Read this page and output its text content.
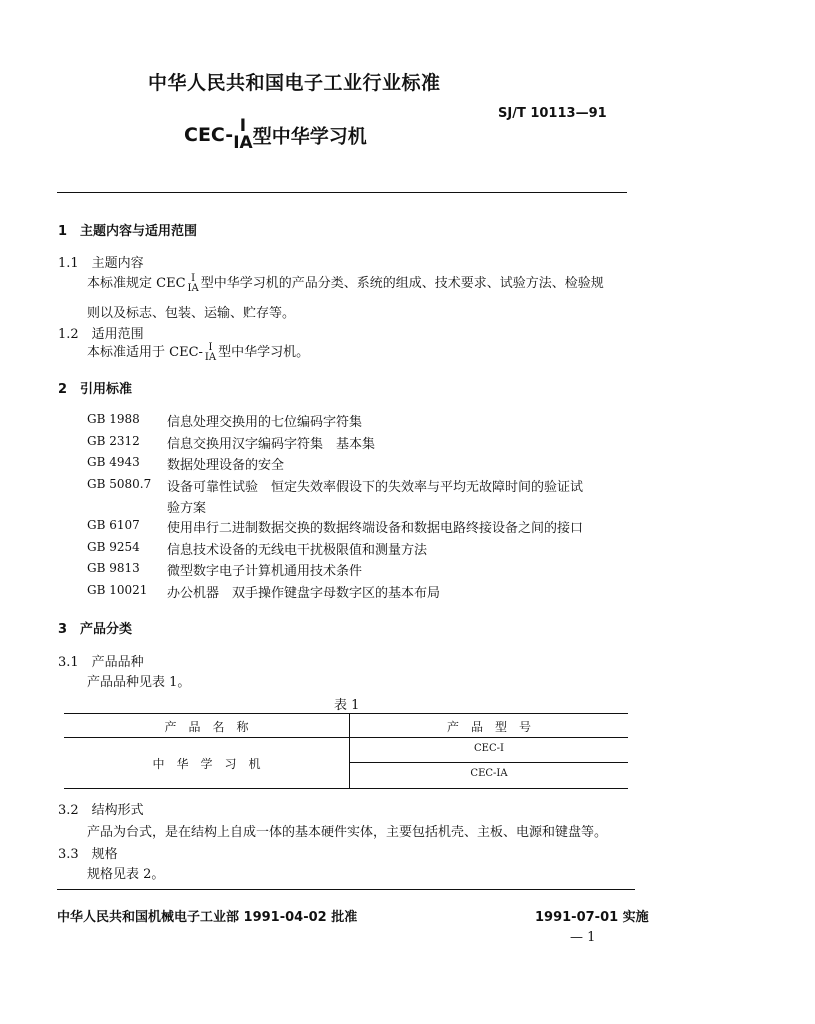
中华人民共和国电子工业行业标准
SJ/T 10113—91
CEC- I
IA 型中华学习机
1　主题内容与适用范围
1.1　主题内容
本标准规定 CEC I
IA 型中华学习机的产品分类、系统的组成、技术要求、试验方法、检验规
则以及标志、包装、运输、贮存等。
1.2　适用范围
本标准适用于 CEC- I
IA 型中华学习机。
2　引用标准
GB 1988 信息处理交换用的七位编码字符集
GB 2312 信息交换用汉字编码字符集　基本集
GB 4943 数据处理设备的安全
GB 5080.7 设备可靠性试验　恒定失效率假设下的失效率与平均无故障时间的验证试
验方案
GB 6107 使用串行二进制数据交换的数据终端设备和数据电路终接设备之间的接口
GB 9254 信息技术设备的无线电干扰极限值和测量方法
GB 9813 微型数字电子计算机通用技术条件
GB 10021 办公机器　双手操作键盘字母数字区的基本布局
3　产品分类
3.1　产品品种
产品品种见表 1。
表 1
产　品　名　称	产　品　型　号
中　华　学　习　机
CEC-I
CEC-IA
3.2　结构形式
产品为台式，是在结构上自成一体的基本硬件实体，主要包括机壳、主板、电源和键盘等。
3.3　规格
规格见表 2。
中华人民共和国机械电子工业部 1991-04-02 批准	1991-07-01 实施
— 1
